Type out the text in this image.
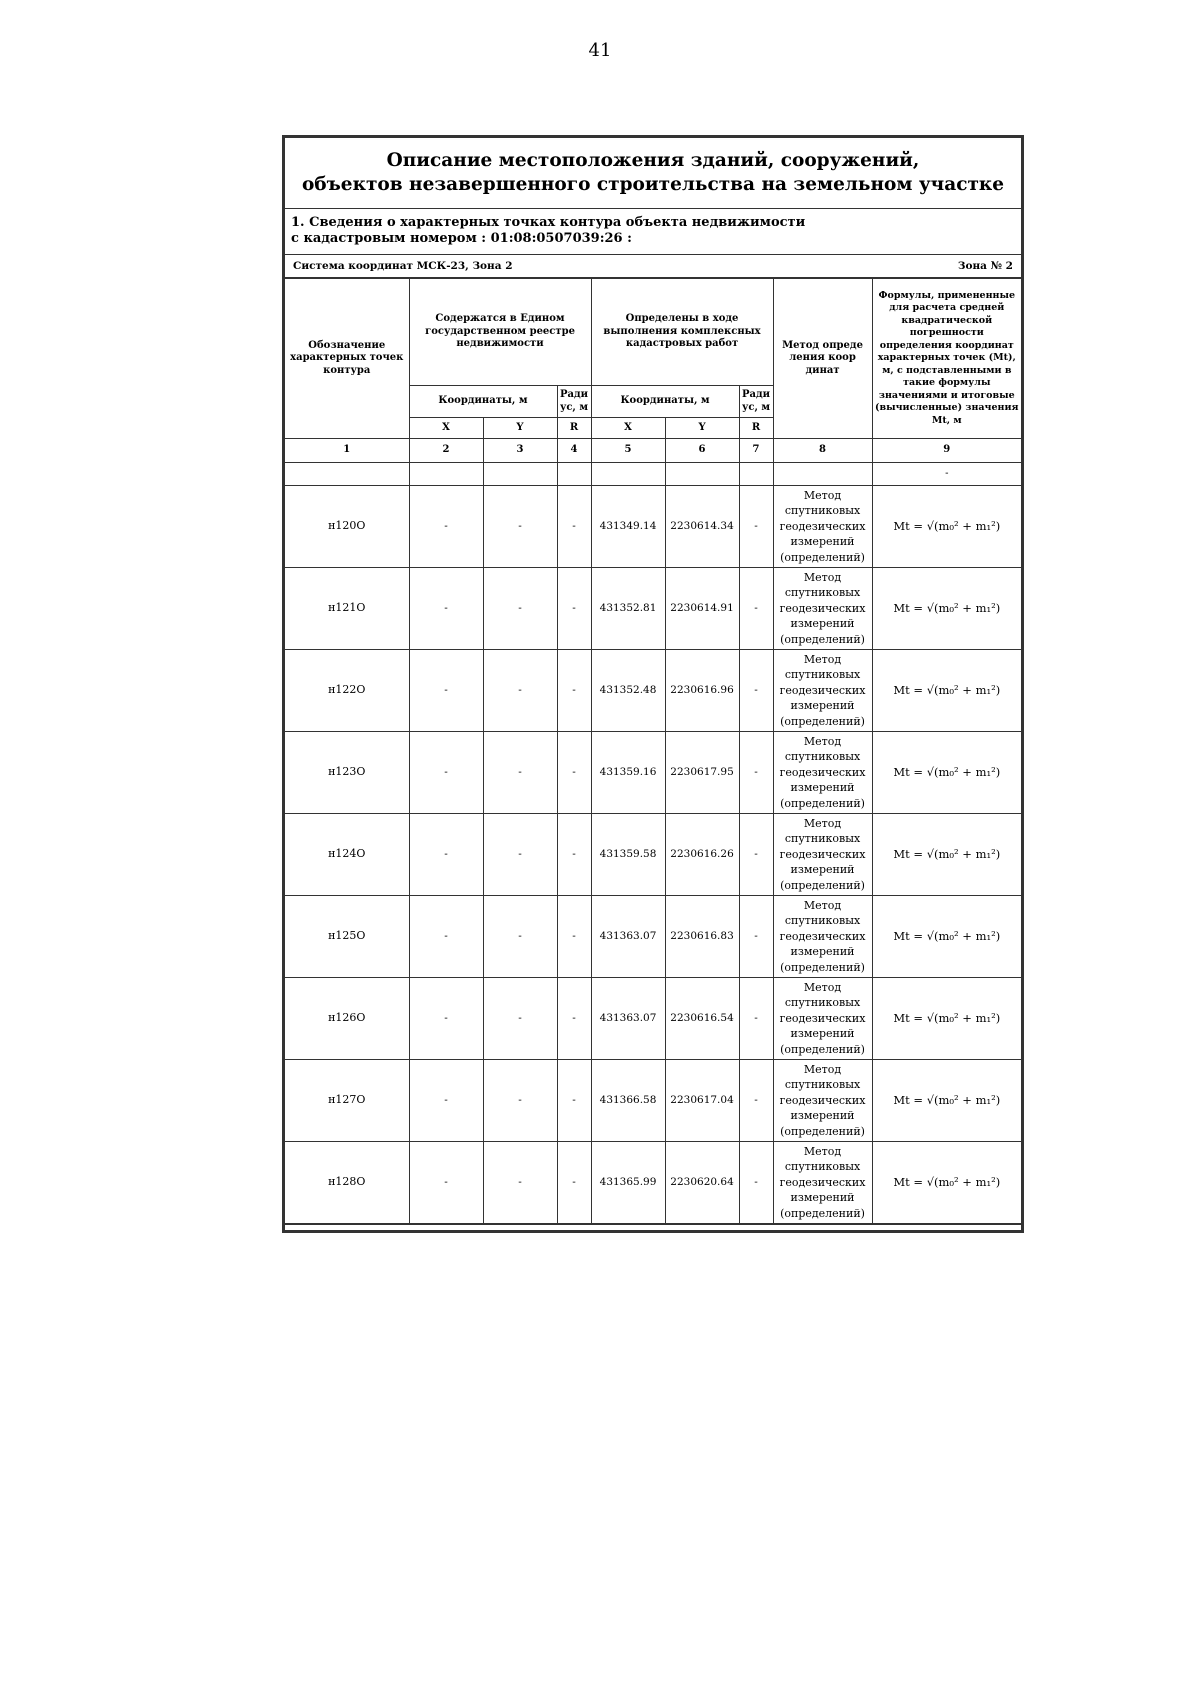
41
Описание местоположения зданий, сооружений,
объектов незавершенного строительства на земельном участке
1. Сведения о характерных точках контура объекта недвижимости
с кадастровым номером : 01:08:0507039:26 :
Система координат МСК-23, Зона 2	Зона № 2
Обозначение характерных точек контура	Содержатся в Едином государственном реестре недвижимости			Определены в ходе выполнения комплексных кадастровых работ			Метод опреде ления коор динат	Формулы, примененные для расчета средней квадратической погрешности определения координат характерных точек (Mt), м, с подставленными в такие формулы значениями и итоговые (вычисленные) значения Mt, м
	Координаты, м		Ради ус, м	Координаты, м		Ради ус, м		
	X	Y	R	X	Y	R		
1	2	3	4	5	6	7	8	9
								-
н120О	-	-	-	431349.14	2230614.34	-	Метод спутниковых геодезических измерений (определений)	Mt = √(m₀² + m₁²)
н121О	-	-	-	431352.81	2230614.91	-	Метод спутниковых геодезических измерений (определений)	Mt = √(m₀² + m₁²)
н122О	-	-	-	431352.48	2230616.96	-	Метод спутниковых геодезических измерений (определений)	Mt = √(m₀² + m₁²)
н123О	-	-	-	431359.16	2230617.95	-	Метод спутниковых геодезических измерений (определений)	Mt = √(m₀² + m₁²)
н124О	-	-	-	431359.58	2230616.26	-	Метод спутниковых геодезических измерений (определений)	Mt = √(m₀² + m₁²)
н125О	-	-	-	431363.07	2230616.83	-	Метод спутниковых геодезических измерений (определений)	Mt = √(m₀² + m₁²)
н126О	-	-	-	431363.07	2230616.54	-	Метод спутниковых геодезических измерений (определений)	Mt = √(m₀² + m₁²)
н127О	-	-	-	431366.58	2230617.04	-	Метод спутниковых геодезических измерений (определений)	Mt = √(m₀² + m₁²)
н128О	-	-	-	431365.99	2230620.64	-	Метод спутниковых геодезических измерений (определений)	Mt = √(m₀² + m₁²)
